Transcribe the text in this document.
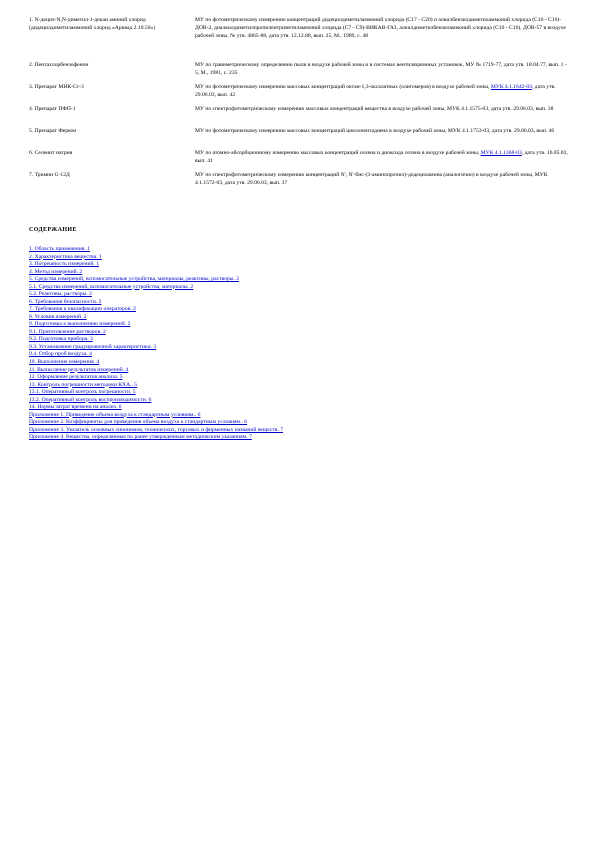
1. N-децил-N,N-диметил-1-декан аминий хлорид (дидецилдиметиламмоний хлорид «Арквад 2.10.50»)	МУ по фотометрическому измерению концентраций дидецилдиметиламмоний хлорида (С17 - С20) и алкилбензилдиметиламмоний хлорида (С10 - С16)-ДОВ-2, диалкилдиметилпропилентриметиламмоний хлорида (С7 - С9)-ВИКАВ-ГАЗ, алкилдиметилбензиламмоний хлорида (С10 - С16), ДОВ-57 в воздухе рабочей зоны, № утв. 4865-88, дата утв. 12.12.88, вып. 25, М., 1989, с. 48
2. Пентахлорбензофенон	МУ по гравиметрическому определению пыли в воздухе рабочей зоны и в системах вентиляционных установок, МУ № 1719-77, дата утв. 18.04.77, вып. 1 - 5, М., 1981, с. 235
3. Препарат МНК-Ст-3	МУ по фотометрическому измерению массовых концентраций октан-1,3-оксалатных (олигомеров) в воздухе рабочей зоны, МУК 4.1.1642-03, дата утв. 29.06.03, вып. 42
4. Препарат ПФП-1	МУ по спектрофотометрическому измерению массовых концентраций вещества в воздухе рабочей зоны, МУК 4.1.1575-03, дата утв. 29.06.03, вып. 38
5. Препарат Феркон	МУ по фотометрическому измерению массовых концентраций циклопентадиена в воздухе рабочей зоны, МУК 4.1.1753-03, дата утв. 29.06.03, вып. 46
6. Селенит натрия	МУ по атомно-абсорбционному измерению массовых концентраций селена и диоксида селена в воздухе рабочей зоны, МУК 4.1.1368-03, дата утв. 16.05.03, вып. 41
7. Тримин G-12Д	МУ по спектрофотометрическому измерению концентраций N', N'-бис-(3-аминопропил)-додециламина (аналогично) в воздухе рабочей зоны, МУК 4.1.1572-03, дата утв. 29.06.03, вып. 37
СОДЕРЖАНИЕ
1. Область применения. 1
2. Характеристика вещества. 1
3. Погрешность измерений. 1
4. Метод измерений. 2
5. Средства измерений, вспомогательные устройства, материалы, реактивы, растворы. 2
5.1. Средства измерений, вспомогательные устройства, материалы. 2
5.2. Реактивы, растворы. 2
6. Требования безопасности. 2
7. Требования к квалификации операторов. 2
8. Условия измерений. 2
9. Подготовка к выполнению измерений. 2
9.1. Приготовление растворов. 2
9.2. Подготовка прибора. 3
9.3. Установление градуировочной характеристики. 3
9.4. Отбор проб воздуха. 4
10. Выполнение измерения. 4
11. Вычисление результатов измерений. 4
12. Оформление результатов анализа. 5
13. Контроль погрешности методики КХА.. 5
13.1. Оперативный контроль погрешности. 5
13.2. Оперативный контроль воспроизводимости. 6
14. Нормы затрат времени на анализ. 6
Приложение 1. Приведение объема воздуха к стандартным условиям.. 6
Приложение 2. Коэффициенты для приведения объема воздуха к стандартным условиям.. 6
Приложение 3. Указатель основных синонимов, технических, торговых и фирменных названий веществ. 7
Приложение 4. Вещества, определяемые по ранее утвержденным методическим указаниям. 7
